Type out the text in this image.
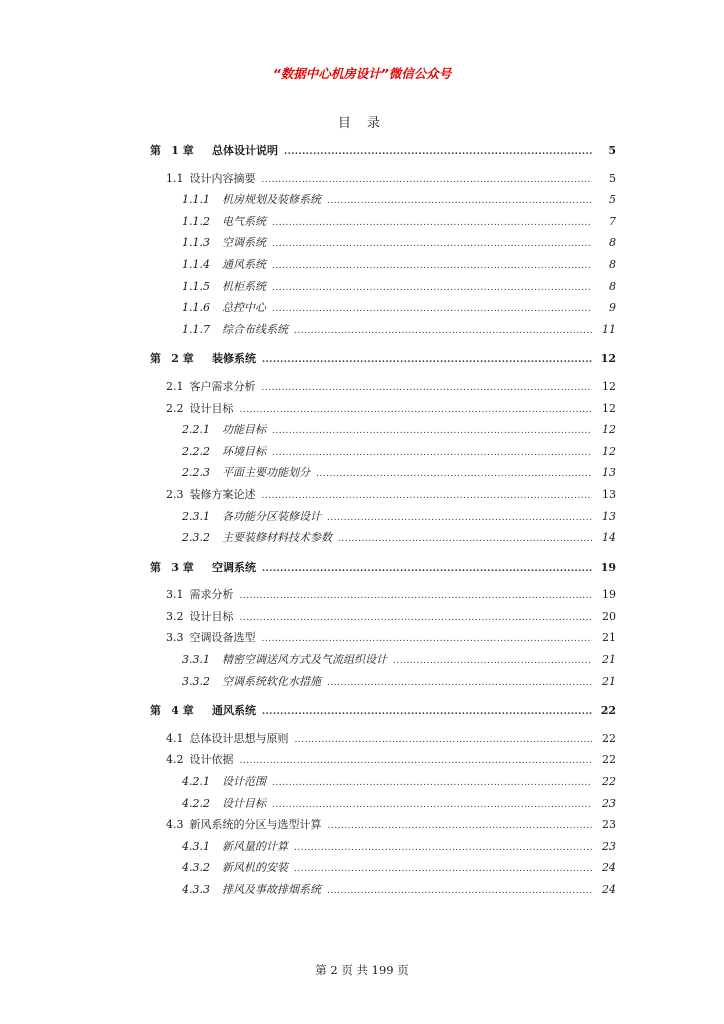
“数据中心机房设计”微信公众号
目 录
第 1 章	总体设计说明 .....	5
1.1 设计内容摘要 .....	5
1.1.1	机房规划及装修系统 .....	5
1.1.2	电气系统 .....	7
1.1.3	空调系统 .....	8
1.1.4	通风系统 .....	8
1.1.5	机柜系统 .....	8
1.1.6	总控中心 .....	9
1.1.7	综合布线系统 .....	11
第 2 章	装修系统 .....	12
2.1 客户需求分析 .....	12
2.2 设计目标 .....	12
2.2.1	功能目标 .....	12
2.2.2	环境目标 .....	12
2.2.3	平面主要功能划分 .....	13
2.3 装修方案论述 .....	13
2.3.1	各功能分区装修设计 .....	13
2.3.2	主要装修材料技术参数 .....	14
第 3 章	空调系统 .....	19
3.1 需求分析 .....	19
3.2 设计目标 .....	20
3.3 空调设备选型 .....	21
3.3.1	精密空调送风方式及气流组织设计 .....	21
3.3.2	空调系统软化水措施 .....	21
第 4 章	通风系统 .....	22
4.1 总体设计思想与原则 .....	22
4.2 设计依据 .....	22
4.2.1	设计范围 .....	22
4.2.2	设计目标 .....	23
4.3 新风系统的分区与选型计算 .....	23
4.3.1	新风量的计算 .....	23
4.3.2	新风机的安装 .....	24
4.3.3	排风及事故排烟系统 .....	24
第 2 页 共 199 页
